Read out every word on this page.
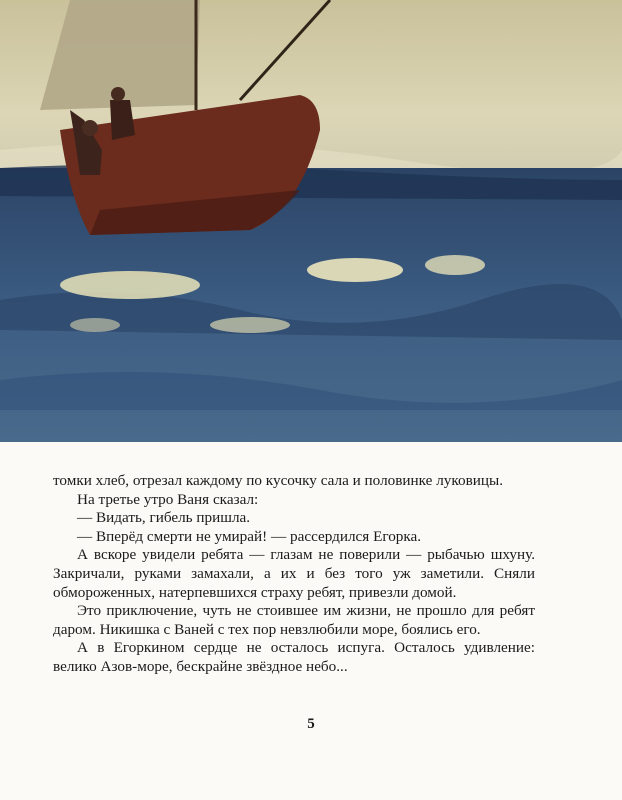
томки хлеб, отрезал каждому по кусочку сала и половинке луковицы.

На третье утро Ваня сказал:

— Видать, гибель пришла.

— Вперёд смерти не умирай! — рассердился Егорка.

А вскоре увидели ребята — глазам не поверили — рыбачью шхуну. Закричали, руками замахали, а их и без того уж заметили. Сняли обмороженных, натерпевшихся страху ребят, привезли домой.

Это приключение, чуть не стоившее им жизни, не прошло для ребят даром. Никишка с Ваней с тех пор невзлюбили море, боялись его.

А в Егоркином сердце не осталось испуга. Осталось удивление: велико Азов-море, бескрайне звёздное небо...

5
